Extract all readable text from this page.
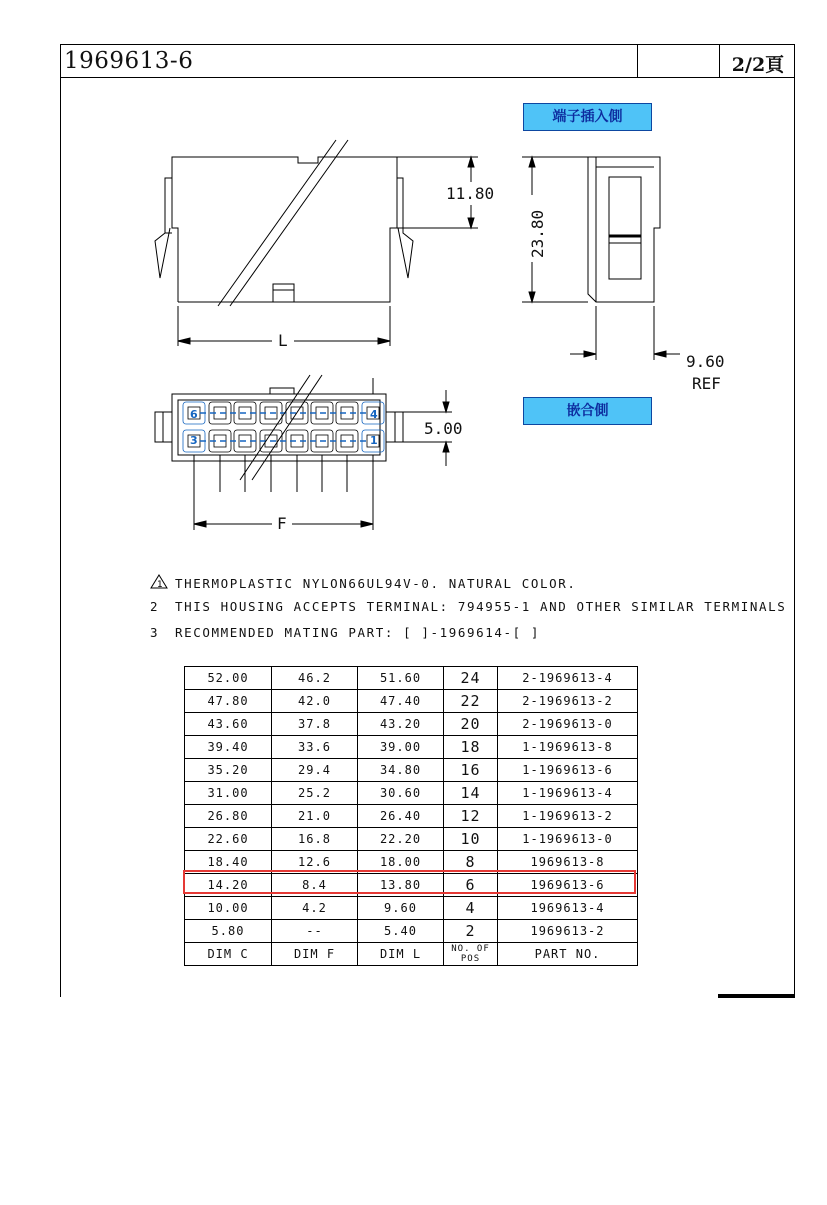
1969613-6	2/2頁
端子插入側
嵌合側
11.80
L
23.80
9.60
REF
5.00
F
6	4
3	1
1 THERMOPLASTIC NYLON66UL94V-0. NATURAL COLOR.
2 THIS HOUSING ACCEPTS TERMINAL: 794955-1 AND OTHER SIMILAR TERMINALS
3 RECOMMENDED MATING PART: [ ]-1969614-[ ]
52.00	46.2	51.60	24	2-1969613-4
47.80	42.0	47.40	22	2-1969613-2
43.60	37.8	43.20	20	2-1969613-0
39.40	33.6	39.00	18	1-1969613-8
35.20	29.4	34.80	16	1-1969613-6
31.00	25.2	30.60	14	1-1969613-4
26.80	21.0	26.40	12	1-1969613-2
22.60	16.8	22.20	10	1-1969613-0
18.40	12.6	18.00	8	1969613-8
14.20	8.4	13.80	6	1969613-6
10.00	4.2	9.60	4	1969613-4
5.80	--	5.40	2	1969613-2
DIM C	DIM F	DIM L	NO. OF POS	PART NO.
